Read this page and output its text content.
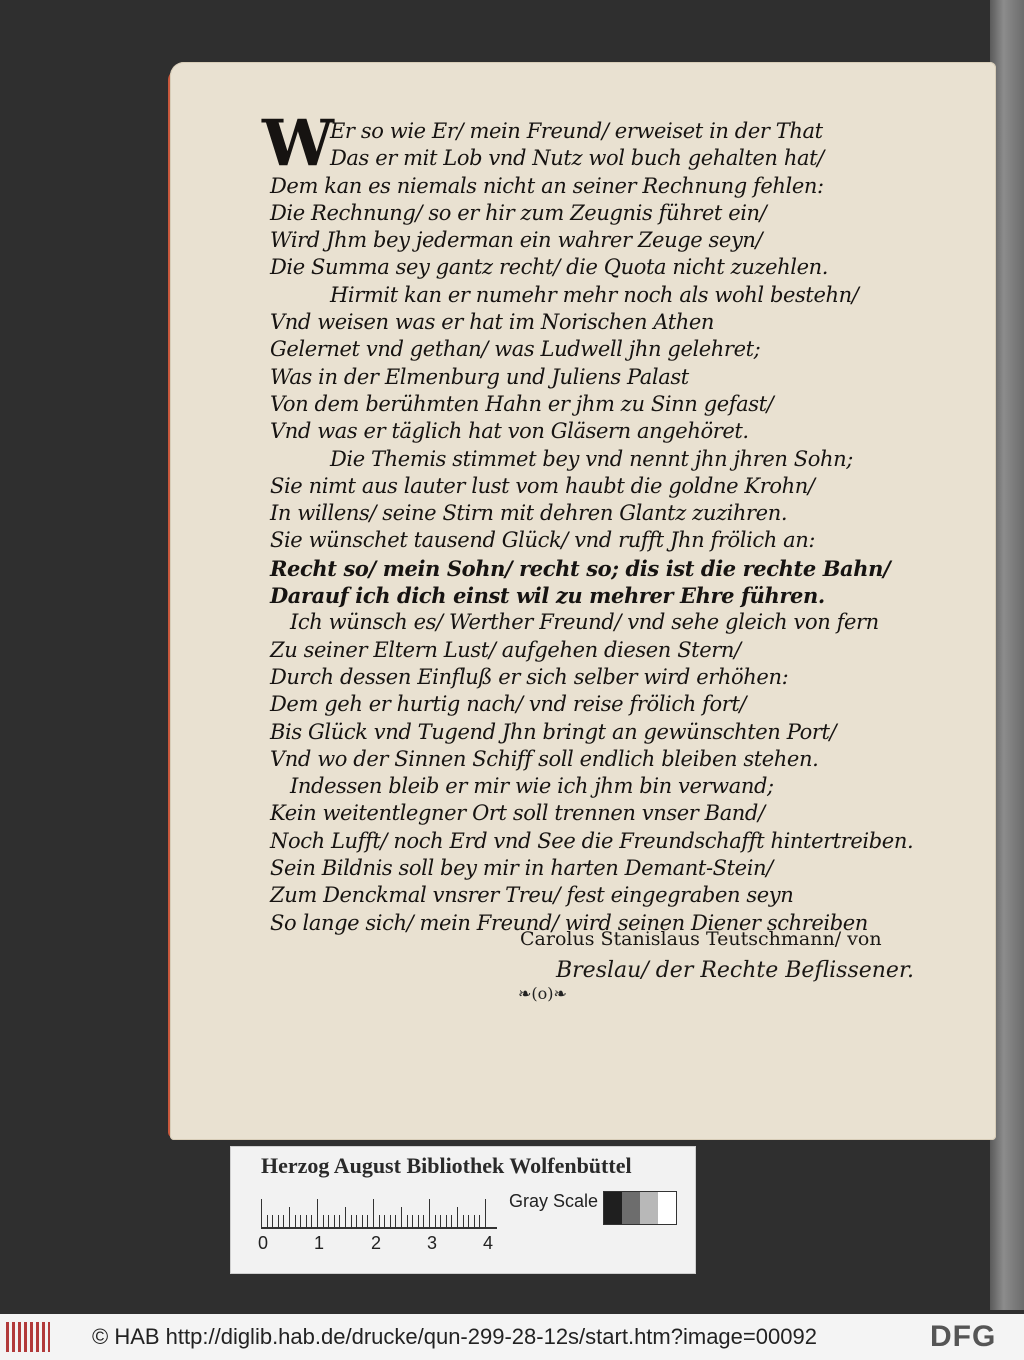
W
Er so wie Er/ mein Freund/ erweiset in der That
Das er mit Lob vnd Nutz wol buch gehalten hat/
Dem kan es niemals nicht an seiner Rechnung fehlen:
Die Rechnung/ so er hir zum Zeugnis führet ein/
Wird Jhm bey jederman ein wahrer Zeuge seyn/
Die Summa sey gantz recht/ die Quota nicht zuzehlen.
Hirmit kan er numehr mehr noch als wohl bestehn/
Vnd weisen was er hat im Norischen Athen
Gelernet vnd gethan/ was Ludwell jhn gelehret;
Was in der Elmenburg und Juliens Palast
Von dem berühmten Hahn er jhm zu Sinn gefast/
Vnd was er täglich hat von Gläsern angehöret.
Die Themis stimmet bey vnd nennt jhn jhren Sohn;
Sie nimt aus lauter lust vom haubt die goldne Krohn/
In willens/ seine Stirn mit dehren Glantz zuzihren.
Sie wünschet tausend Glück/ vnd rufft Jhn frölich an:
Recht so/ mein Sohn/ recht so; dis ist die rechte Bahn/
Darauf ich dich einst wil zu mehrer Ehre führen.
Ich wünsch es/ Werther Freund/ vnd sehe gleich von fern
Zu seiner Eltern Lust/ aufgehen diesen Stern/
Durch dessen Einfluß er sich selber wird erhöhen:
Dem geh er hurtig nach/ vnd reise frölich fort/
Bis Glück vnd Tugend Jhn bringt an gewünschten Port/
Vnd wo der Sinnen Schiff soll endlich bleiben stehen.
Indessen bleib er mir wie ich jhm bin verwand;
Kein weitentlegner Ort soll trennen vnser Band/
Noch Lufft/ noch Erd vnd See die Freundschafft hintertreiben.
Sein Bildnis soll bey mir in harten Demant-Stein/
Zum Denckmal vnsrer Treu/ fest eingegraben seyn
So lange sich/ mein Freund/ wird seinen Diener schreiben
Carolus Stanislaus Teutschmann/ von
Breslau/ der Rechte Beflissener.
❧(o)❧
Herzog August Bibliothek Wolfenbüttel
0	1	2	3	4
Gray Scale
© HAB http://diglib.hab.de/drucke/qun-299-28-12s/start.htm?image=00092	DFG
